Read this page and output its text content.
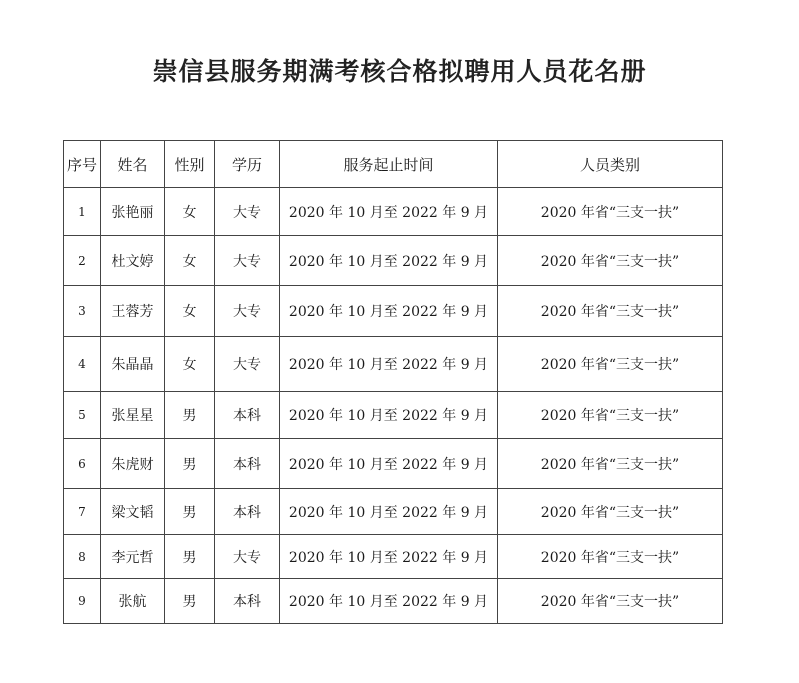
崇信县服务期满考核合格拟聘用人员花名册
序号	姓名	性别	学历	服务起止时间	人员类别
1	张艳丽	女	大专	2020 年 10 月至 2022 年 9 月	2020 年省“三支一扶”
2	杜文婷	女	大专	2020 年 10 月至 2022 年 9 月	2020 年省“三支一扶”
3	王蓉芳	女	大专	2020 年 10 月至 2022 年 9 月	2020 年省“三支一扶”
4	朱晶晶	女	大专	2020 年 10 月至 2022 年 9 月	2020 年省“三支一扶”
5	张星星	男	本科	2020 年 10 月至 2022 年 9 月	2020 年省“三支一扶”
6	朱虎财	男	本科	2020 年 10 月至 2022 年 9 月	2020 年省“三支一扶”
7	梁文韬	男	本科	2020 年 10 月至 2022 年 9 月	2020 年省“三支一扶”
8	李元哲	男	大专	2020 年 10 月至 2022 年 9 月	2020 年省“三支一扶”
9	张航	男	本科	2020 年 10 月至 2022 年 9 月	2020 年省“三支一扶”
